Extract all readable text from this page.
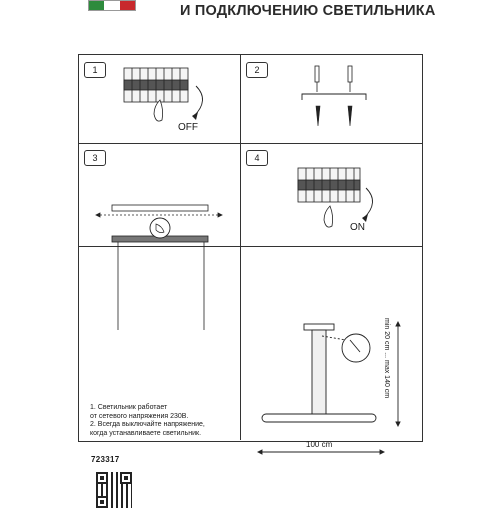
И ПОДКЛЮЧЕНИЮ СВЕТИЛЬНИКА
1	2
3	4
OFF
ON
100 cm
min 20 cm ... max 140 cm
1. Светильник работает
от сетевого напряжения 230В.
2. Всегда выключайте напряжение,
когда устанавливаете светильник.
723317
